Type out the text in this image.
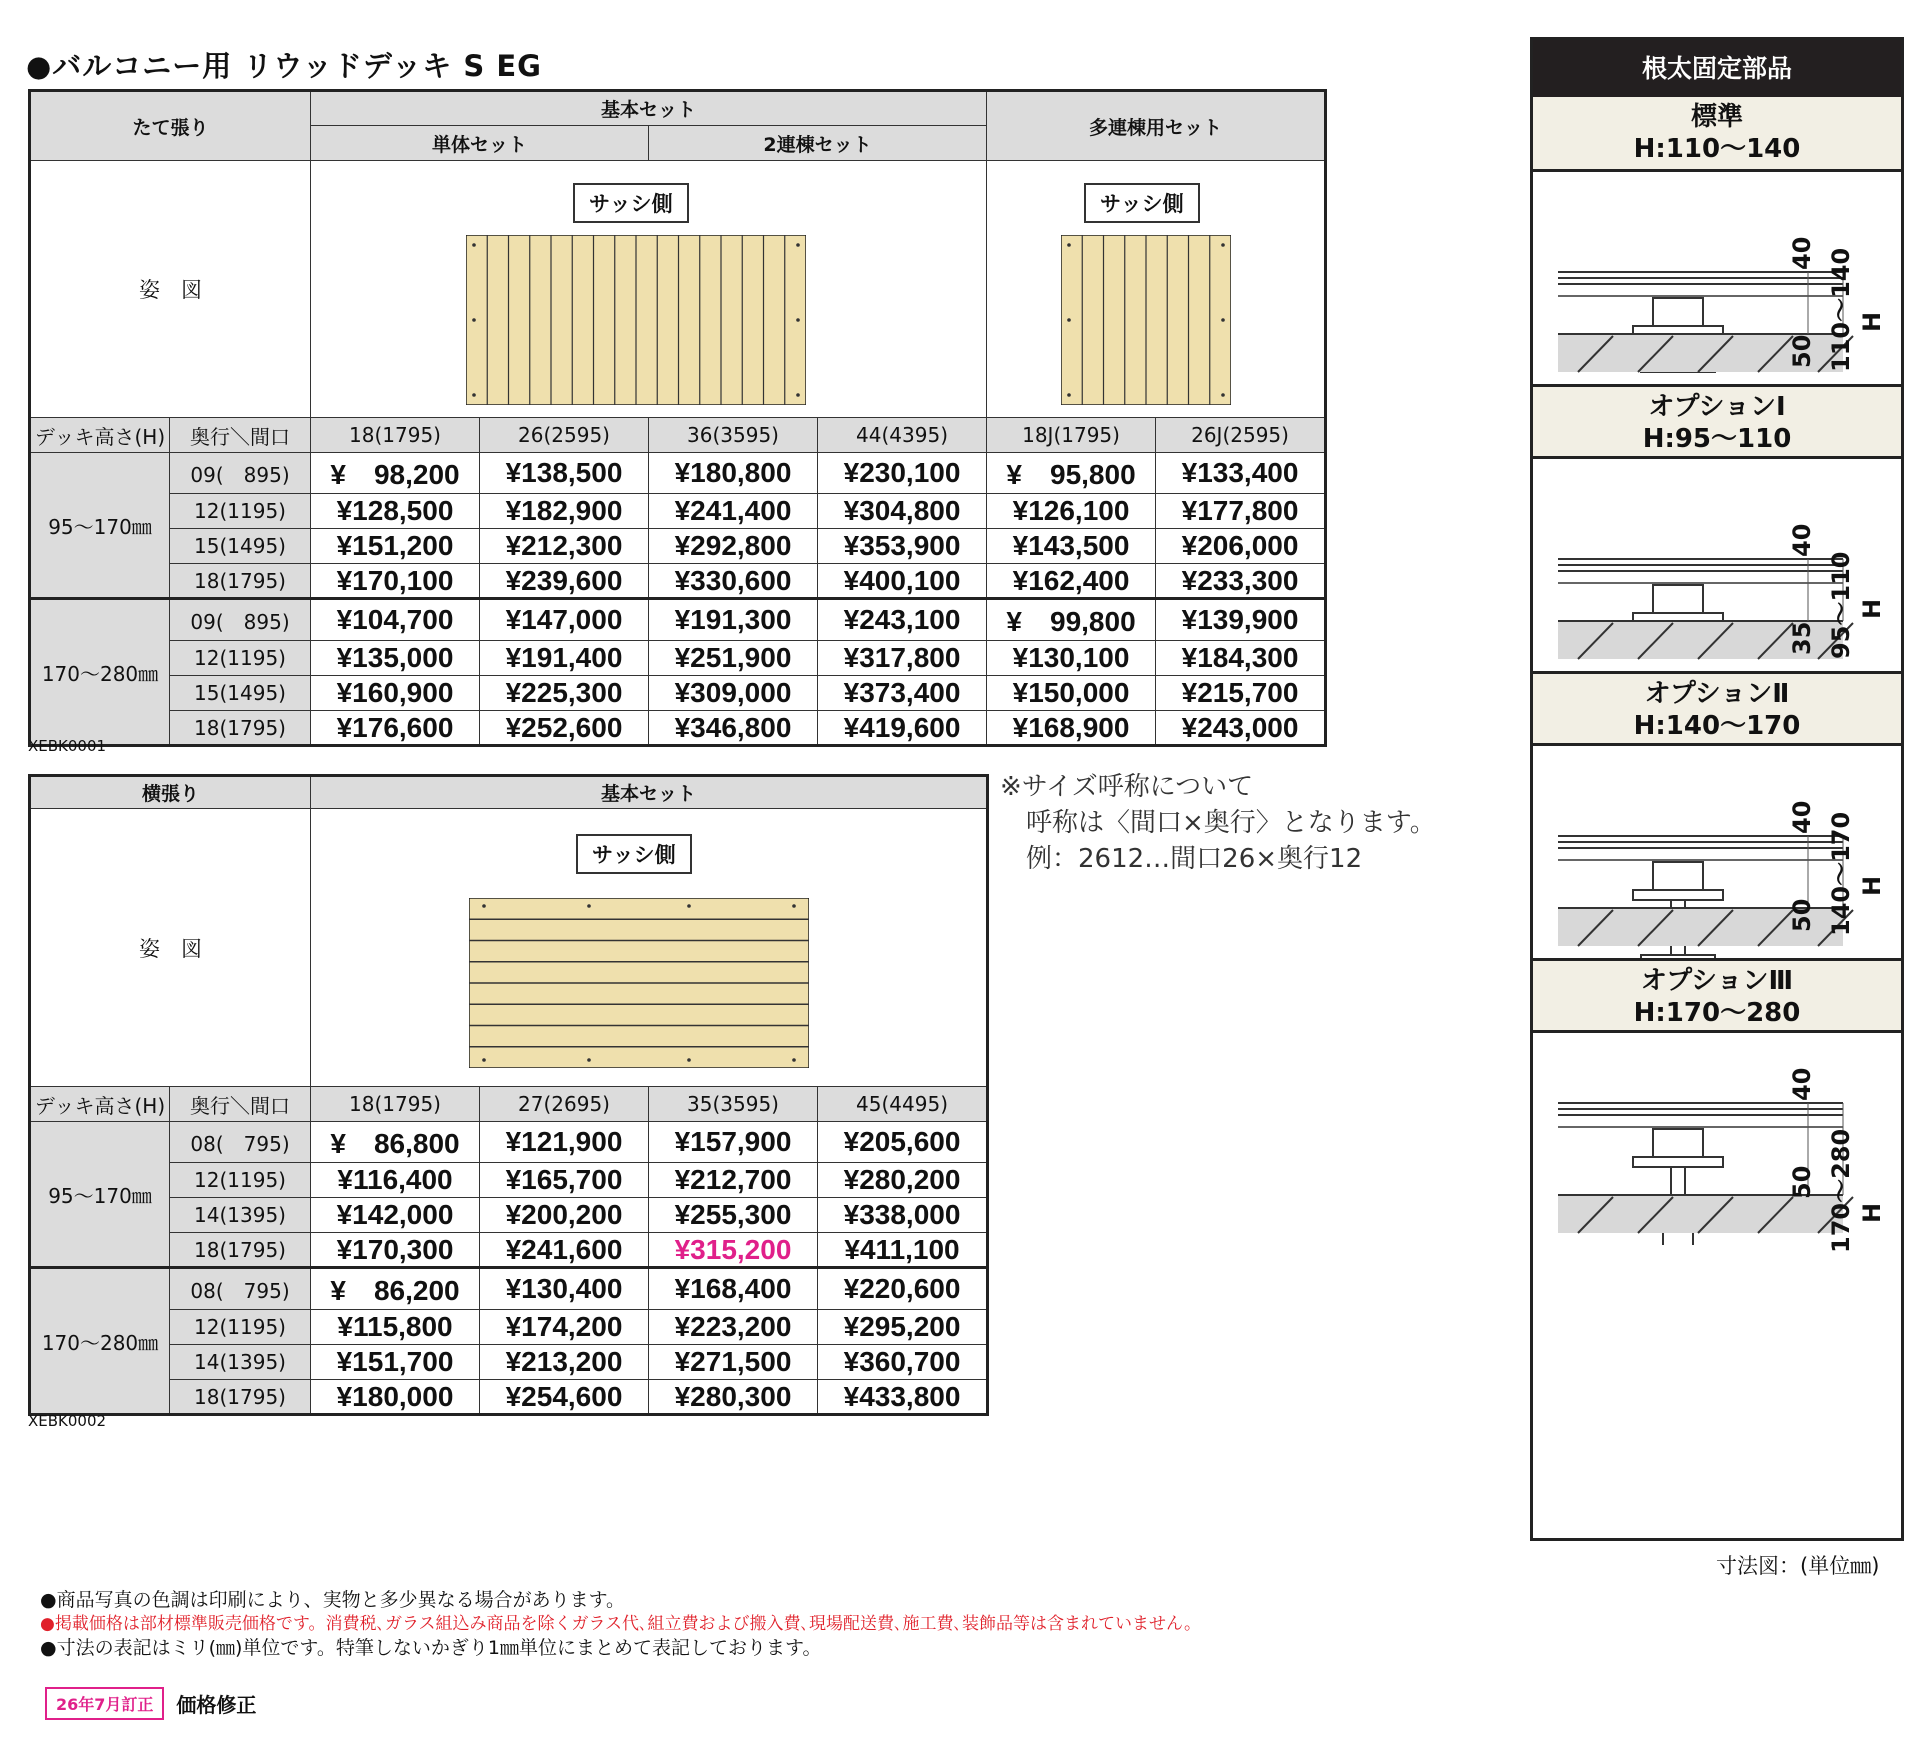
●バルコニー用 リウッドデッキ S EG
たて張り		基本セット				多連棟用セット	
		単体セット		2連棟セット			
姿　図		サッシ側				サッシ側	

デッキ高さ(H)	奥行＼間口	18(1795)	26(2595)	36(3595)	44(4395)	18J(1795)	26J(2595)
95〜170㎜	09(　895)	¥　98,200	¥138,500	¥180,800	¥230,100	¥　95,800	¥133,400
	12(1195)	¥128,500	¥182,900	¥241,400	¥304,800	¥126,100	¥177,800
	15(1495)	¥151,200	¥212,300	¥292,800	¥353,900	¥143,500	¥206,000
	18(1795)	¥170,100	¥239,600	¥330,600	¥400,100	¥162,400	¥233,300
170〜280㎜	09(　895)	¥104,700	¥147,000	¥191,300	¥243,100	¥　99,800	¥139,900
	12(1195)	¥135,000	¥191,400	¥251,900	¥317,800	¥130,100	¥184,300
	15(1495)	¥160,900	¥225,300	¥309,000	¥373,400	¥150,000	¥215,700
	18(1795)	¥176,600	¥252,600	¥346,800	¥419,600	¥168,900	¥243,000
XEBK0001
横張り		基本セット			
姿　図		サッシ側			

デッキ高さ(H)	奥行＼間口	18(1795)	27(2695)	35(3595)	45(4495)
95〜170㎜	08(　795)	¥　86,800	¥121,900	¥157,900	¥205,600
	12(1195)	¥116,400	¥165,700	¥212,700	¥280,200
	14(1395)	¥142,000	¥200,200	¥255,300	¥338,000
	18(1795)	¥170,300	¥241,600	¥315,200	¥411,100
170〜280㎜	08(　795)	¥　86,200	¥130,400	¥168,400	¥220,600
	12(1195)	¥115,800	¥174,200	¥223,200	¥295,200
	14(1395)	¥151,700	¥213,200	¥271,500	¥360,700
	18(1795)	¥180,000	¥254,600	¥280,300	¥433,800
XEBK0002
※サイズ呼称について
呼称は〈間口×奥行〉となります。
例：2612…間口26×奥行12
根太固定部品
標準
H:110〜140
40
50 110〜140 H
オプションⅠ
H:95〜110
40
35 95〜110 H
オプションⅡ
H:140〜170
40
50 140〜170 H
オプションⅢ
H:170〜280
40
50 170〜280 H
寸法図：(単位㎜)
●商品写真の色調は印刷により、実物と多少異なる場合があります。
●掲載価格は部材標準販売価格です。消費税､ガラス組込み商品を除くガラス代､組立費および搬入費､現場配送費､施工費､装飾品等は含まれていません。
●寸法の表記はミリ(㎜)単位です。特筆しないかぎり1㎜単位にまとめて表記しております。
26年7月訂正	価格修正
